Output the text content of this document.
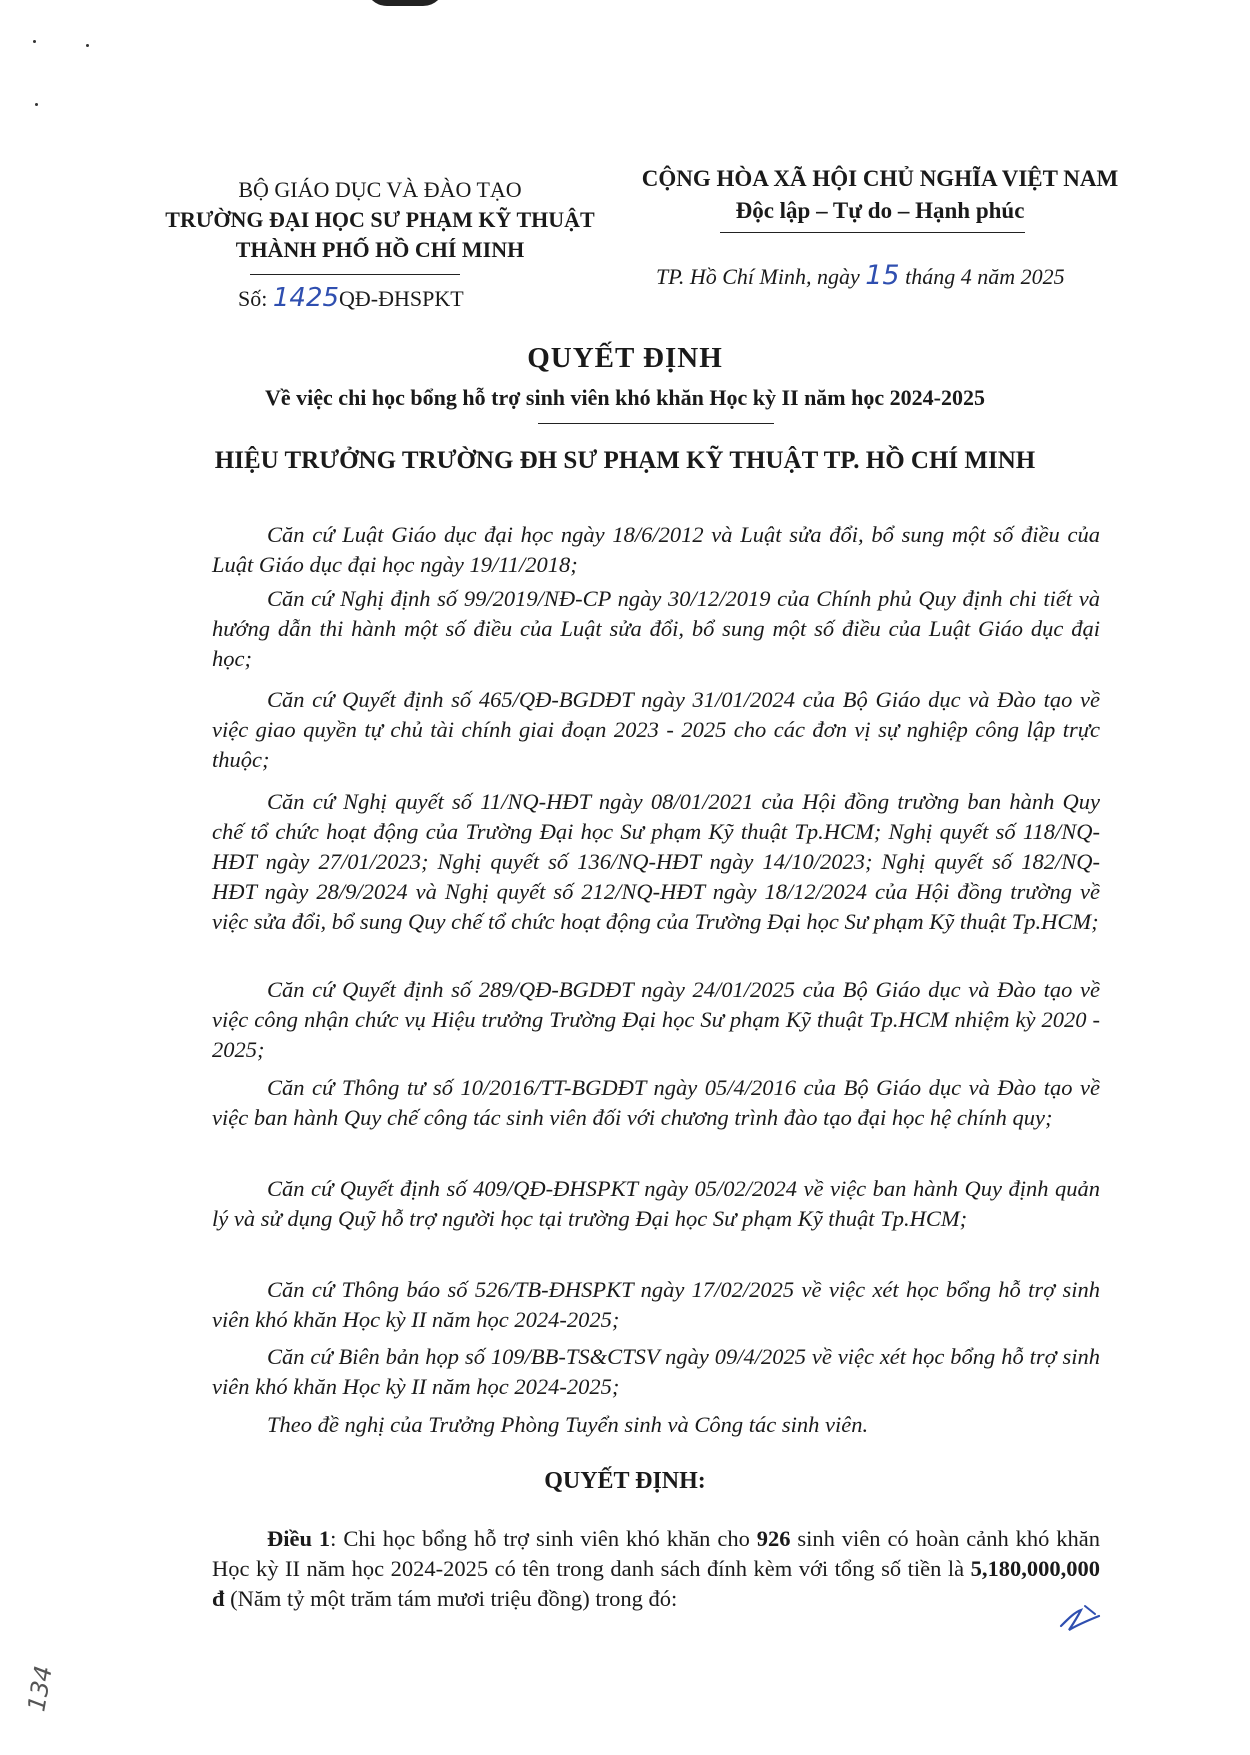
BỘ GIÁO DỤC VÀ ĐÀO TẠO
TRƯỜNG ĐẠI HỌC SƯ PHẠM KỸ THUẬT
THÀNH PHỐ HỒ CHÍ MINH
Số: 1425QĐ-ĐHSPKT
CỘNG HÒA XÃ HỘI CHỦ NGHĨA VIỆT NAM
Độc lập – Tự do – Hạnh phúc
TP. Hồ Chí Minh, ngày 15 tháng 4 năm 2025
QUYẾT ĐỊNH
Về việc chi học bổng hỗ trợ sinh viên khó khăn Học kỳ II năm học 2024-2025
HIỆU TRƯỞNG TRƯỜNG ĐH SƯ PHẠM KỸ THUẬT TP. HỒ CHÍ MINH

Căn cứ Luật Giáo dục đại học ngày 18/6/2012 và Luật sửa đổi, bổ sung một số điều của Luật Giáo dục đại học ngày 19/11/2018;

Căn cứ Nghị định số 99/2019/NĐ-CP ngày 30/12/2019 của Chính phủ Quy định chi tiết và hướng dẫn thi hành một số điều của Luật sửa đổi, bổ sung một số điều của Luật Giáo dục đại học;

Căn cứ Quyết định số 465/QĐ-BGDĐT ngày 31/01/2024 của Bộ Giáo dục và Đào tạo về việc giao quyền tự chủ tài chính giai đoạn 2023 - 2025 cho các đơn vị sự nghiệp công lập trực thuộc;

Căn cứ Nghị quyết số 11/NQ-HĐT ngày 08/01/2021 của Hội đồng trường ban hành Quy chế tổ chức hoạt động của Trường Đại học Sư phạm Kỹ thuật Tp.HCM; Nghị quyết số 118/NQ-HĐT ngày 27/01/2023; Nghị quyết số 136/NQ-HĐT ngày 14/10/2023; Nghị quyết số 182/NQ-HĐT ngày 28/9/2024 và Nghị quyết số 212/NQ-HĐT ngày 18/12/2024 của Hội đồng trường về việc sửa đổi, bổ sung Quy chế tổ chức hoạt động của Trường Đại học Sư phạm Kỹ thuật Tp.HCM;

Căn cứ Quyết định số 289/QĐ-BGDĐT ngày 24/01/2025 của Bộ Giáo dục và Đào tạo về việc công nhận chức vụ Hiệu trưởng Trường Đại học Sư phạm Kỹ thuật Tp.HCM nhiệm kỳ 2020 - 2025;

Căn cứ Thông tư số 10/2016/TT-BGDĐT ngày 05/4/2016 của Bộ Giáo dục và Đào tạo về việc ban hành Quy chế công tác sinh viên đối với chương trình đào tạo đại học hệ chính quy;

Căn cứ Quyết định số 409/QĐ-ĐHSPKT ngày 05/02/2024 về việc ban hành Quy định quản lý và sử dụng Quỹ hỗ trợ người học tại trường Đại học Sư phạm Kỹ thuật Tp.HCM;

Căn cứ Thông báo số 526/TB-ĐHSPKT ngày 17/02/2025 về việc xét học bổng hỗ trợ sinh viên khó khăn Học kỳ II năm học 2024-2025;

Căn cứ Biên bản họp số 109/BB-TS&CTSV ngày 09/4/2025 về việc xét học bổng hỗ trợ sinh viên khó khăn Học kỳ II năm học 2024-2025;

Theo đề nghị của Trưởng Phòng Tuyển sinh và Công tác sinh viên.

QUYẾT ĐỊNH:
Điều 1: Chi học bổng hỗ trợ sinh viên khó khăn cho 926 sinh viên có hoàn cảnh khó khăn Học kỳ II năm học 2024-2025 có tên trong danh sách đính kèm với tổng số tiền là 5,180,000,000 đ (Năm tỷ một trăm tám mươi triệu đồng) trong đó:
134
